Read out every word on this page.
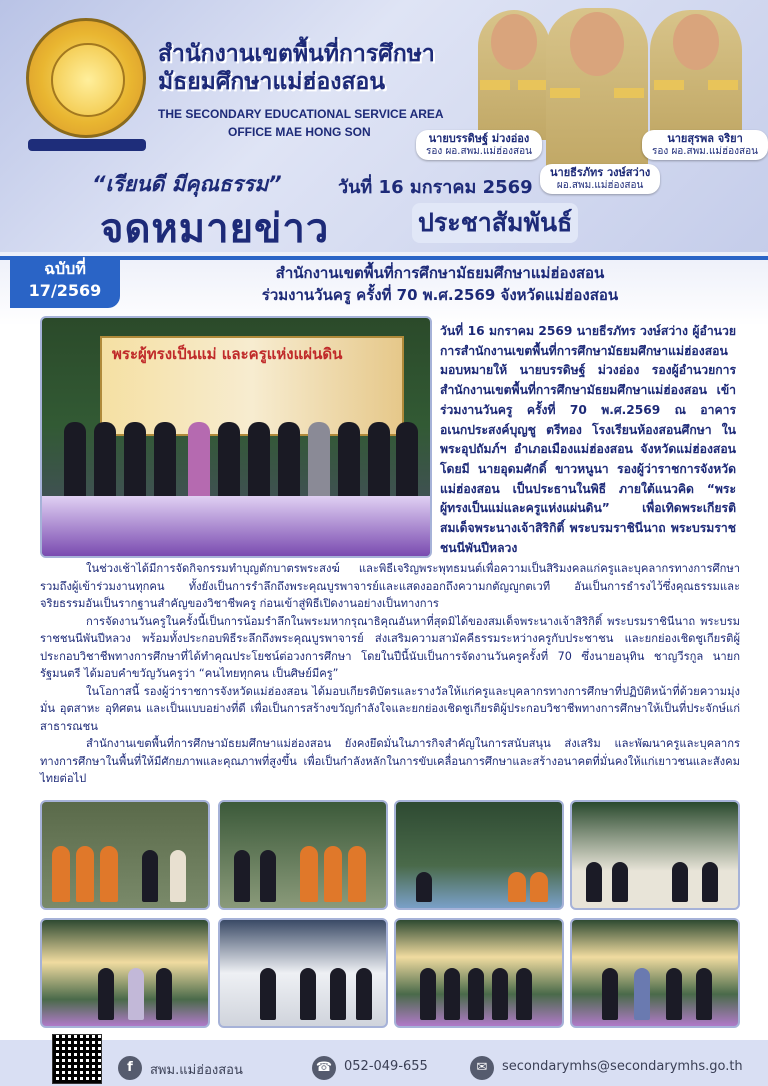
สำนักงานเขตพื้นที่การศึกษา
มัธยมศึกษาแม่ฮ่องสอน
THE SECONDARY EDUCATIONAL SERVICE AREA
OFFICE MAE HONG SON	นายบรรดิษฐ์ ม่วงอ่อง
รอง ผอ.สพม.แม่ฮ่องสอน
นายธีรภัทร วงษ์สว่าง
ผอ.สพม.แม่ฮ่องสอน
นายสุรพล จริยา
รอง ผอ.สพม.แม่ฮ่องสอน
“เรียนดี มีคุณธรรม”	วันที่ 16 มกราคม 2569
จดหมายข่าว	ประชาสัมพันธ์
ฉบับที่
17/2569
สำนักงานเขตพื้นที่การศึกษามัธยมศึกษาแม่ฮ่องสอน
ร่วมงานวันครู ครั้งที่ 70 พ.ศ.2569 จังหวัดแม่ฮ่องสอน
พระผู้ทรงเป็นแม่ และครูแห่งแผ่นดิน
วันที่ 16 มกราคม 2569 นายธีรภัทร วงษ์สว่าง ผู้อำนวยการสำนักงานเขตพื้นที่การศึกษามัธยมศึกษาแม่ฮ่องสอน มอบหมายให้ นายบรรดิษฐ์ ม่วงอ่อง รองผู้อำนวยการสำนักงานเขตพื้นที่การศึกษามัธยมศึกษาแม่ฮ่องสอน เข้าร่วมงานวันครู ครั้งที่ 70 พ.ศ.2569 ณ อาคารอเนกประสงค์บุญชู ตรีทอง โรงเรียนห้องสอนศึกษา ในพระอุปถัมภ์ฯ อำเภอเมืองแม่ฮ่องสอน จังหวัดแม่ฮ่องสอน โดยมี นายอุดมศักดิ์ ขาวหนูนา รองผู้ว่าราชการจังหวัดแม่ฮ่องสอน เป็นประธานในพิธี ภายใต้แนวคิด “พระผู้ทรงเป็นแม่และครูแห่งแผ่นดิน” เพื่อเทิดพระเกียรติสมเด็จพระนางเจ้าสิริกิติ์ พระบรมราชินีนาถ พระบรมราชชนนีพันปีหลวง

ในช่วงเช้าได้มีการจัดกิจกรรมทำบุญตักบาตรพระสงฆ์ และพิธีเจริญพระพุทธมนต์เพื่อความเป็นสิริมงคลแก่ครูและบุคลากรทางการศึกษา รวมถึงผู้เข้าร่วมงานทุกคน ทั้งยังเป็นการรำลึกถึงพระคุณบูรพาจารย์และแสดงออกถึงความกตัญญูกตเวที อันเป็นการธำรงไว้ซึ่งคุณธรรมและจริยธรรมอันเป็นรากฐานสำคัญของวิชาชีพครู ก่อนเข้าสู่พิธีเปิดงานอย่างเป็นทางการ

การจัดงานวันครูในครั้งนี้เป็นการน้อมรำลึกในพระมหากรุณาธิคุณอันหาที่สุดมิได้ของสมเด็จพระนางเจ้าสิริกิติ์ พระบรมราชินีนาถ พระบรมราชชนนีพันปีหลวง พร้อมทั้งประกอบพิธีระลึกถึงพระคุณบูรพาจารย์ ส่งเสริมความสามัคคีธรรมระหว่างครูกับประชาชน และยกย่องเชิดชูเกียรติผู้ประกอบวิชาชีพทางการศึกษาที่ได้ทำคุณประโยชน์ต่อวงการศึกษา โดยในปีนี้นับเป็นการจัดงานวันครูครั้งที่ 70 ซึ่งนายอนุทิน ชาญวีรกูล นายกรัฐมนตรี ได้มอบคำขวัญวันครูว่า “คนไทยทุกคน เป็นศิษย์มีครู”

ในโอกาสนี้ รองผู้ว่าราชการจังหวัดแม่ฮ่องสอน ได้มอบเกียรติบัตรและรางวัลให้แก่ครูและบุคลากรทางการศึกษาที่ปฏิบัติหน้าที่ด้วยความมุ่งมั่น อุตสาหะ อุทิศตน และเป็นแบบอย่างที่ดี เพื่อเป็นการสร้างขวัญกำลังใจและยกย่องเชิดชูเกียรติผู้ประกอบวิชาชีพทางการศึกษาให้เป็นที่ประจักษ์แก่สาธารณชน

สำนักงานเขตพื้นที่การศึกษามัธยมศึกษาแม่ฮ่องสอน ยังคงยึดมั่นในภารกิจสำคัญในการสนับสนุน ส่งเสริม และพัฒนาครูและบุคลากรทางการศึกษาในพื้นที่ให้มีศักยภาพและคุณภาพที่สูงขึ้น เพื่อเป็นกำลังหลักในการขับเคลื่อนการศึกษาและสร้างอนาคตที่มั่นคงให้แก่เยาวชนและสังคมไทยต่อไป

f	สพม.แม่ฮ่องสอน	☎ 052-049-655	✉	secondarymhs@secondarymhs.go.th
